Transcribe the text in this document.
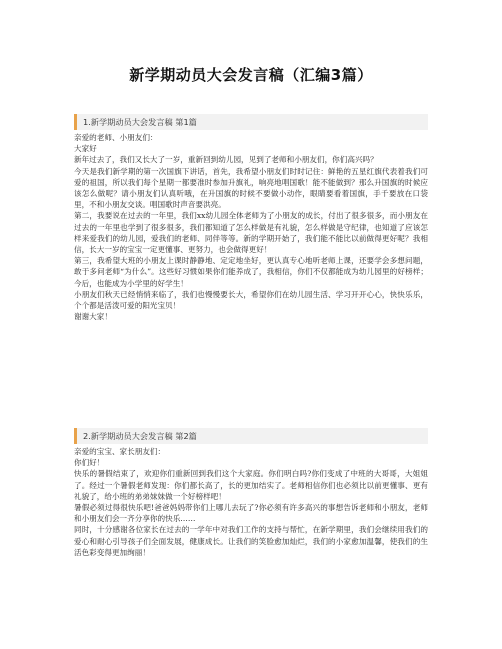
新学期动员大会发言稿（汇编3篇）
1.新学期动员大会发言稿 第1篇

亲爱的老师、小朋友们：

大家好

新年过去了，我们又长大了一岁，重新回到幼儿园，见到了老师和小朋友们，你们高兴吗？

今天是我们新学期的第一次国旗下讲话，首先，我希望小朋友们时时记住：鲜艳的五星红旗代表着我们可爱的祖国，所以我们每个星期一都要准时参加升旗礼，响亮地唱国歌！能不能做到？那么升国旗的时候应该怎么做呢？请小朋友们认真听哦，在升国旗的时候不要做小动作，眼睛要看着国旗，手千要放在口袋里，不和小朋友交谈。唱国歌时声音要洪亮。

第二，我要说在过去的一年里，我们xx幼儿园全体老师为了小朋友的成长，付出了很多很多，而小朋友在过去的一年里也学到了很多很多，我们都知道了怎么样做是有礼貌，怎么样做是守纪律，也知道了应该怎样来爱我们的幼儿园，爱我们的老师、同伴等等。新的学期开始了，我们能不能比以前做得更好呢？我相信，长大一岁的宝宝一定更懂事、更努力，也会做得更好！

第三，我希望大班的小朋友上课时静静地、定定地坐好，更认真专心地听老师上课，还要学会多想问题，敢于多问老师“为什么”。这些好习惯如果你们能养成了，我相信，你们不仅都能成为幼儿园里的好榜样；今后，也能成为小学里的好学生！

小朋友们秋天已经悄悄来临了，我们也慢慢要长大，希望你们在幼儿园生活、学习开开心心，快快乐乐，个个都是活泼可爱的阳光宝贝！

谢谢大家！

2.新学期动员大会发言稿 第2篇

亲爱的宝宝、家长朋友们：

你们好！

快乐的暑假结束了，欢迎你们重新回到我们这个大家庭。你们明白吗?你们变成了中班的大哥哥，大姐姐了。经过一个暑假老师发现：你们都长高了，长的更加结实了。老师相信你们也必须比以前更懂事、更有礼貌了，给小班的弟弟妹妹做一个好榜样吧！

暑假必须过得很快乐吧!爸爸妈妈带你们上哪儿去玩了?你必须有许多高兴的事想告诉老师和小朋友，老师和小朋友们会一齐分享你的快乐……

同时，十分感谢各位家长在过去的一学年中对我们工作的支持与帮忙，在新学期里，我们会继续用我们的爱心和耐心引导孩子们全面发展，健康成长。让我们的笑脸愈加灿烂，我们的小家愈加温馨，使我们的生活色彩变得更加绚丽！
